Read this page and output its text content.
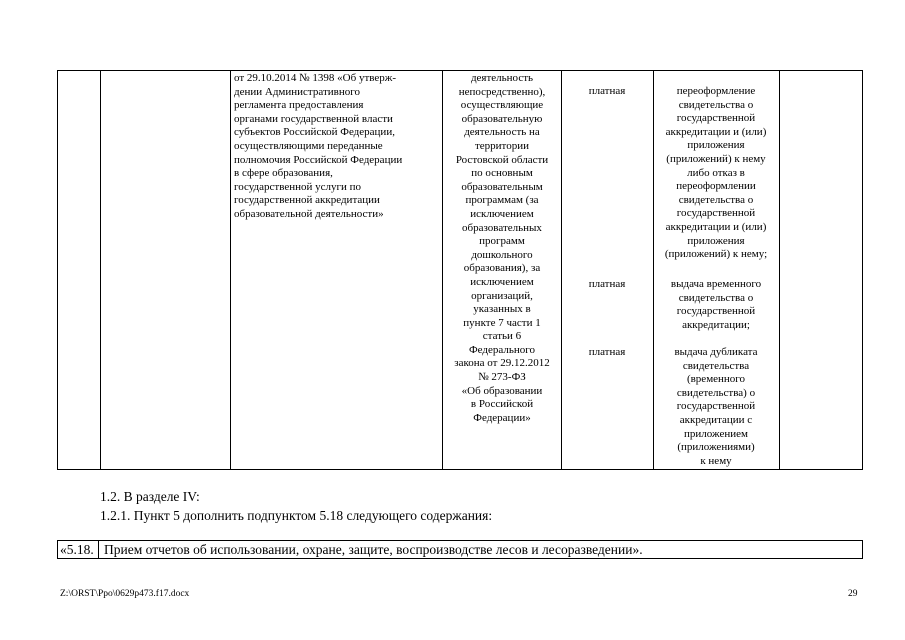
от 29.10.2014 № 1398 «Об утверж-
дении Административного
регламента предоставления
органами государственной власти
субъектов Российской Федерации,
осуществляющими переданные
полномочия Российской Федерации
в сфере образования,
государственной услуги по
государственной аккредитации
образовательной деятельности»
деятельность
непосредственно),
осуществляющие
образовательную
деятельность на
территории
Ростовской области
по основным
образовательным
программам (за
исключением
образовательных
программ
дошкольного
образования), за
исключением
организаций,
указанных в
пункте 7 части 1
статьи 6
Федерального
закона от 29.12.2012
№ 273-ФЗ
«Об образовании
в Российской
Федерации»
платная
платная
платная
переоформление
свидетельства о
государственной
аккредитации и (или)
приложения
(приложений) к нему
либо отказ в
переоформлении
свидетельства о
государственной
аккредитации и (или)
приложения
(приложений) к нему;
выдача временного
свидетельства о
государственной
аккредитации;
выдача дубликата
свидетельства
(временного
свидетельства) о
государственной
аккредитации с
приложением
(приложениями)
к нему
1.2. В разделе IV:
1.2.1. Пункт 5 дополнить подпунктом 5.18 следующего содержания:
«5.18. Прием отчетов об использовании, охране, защите, воспроизводстве лесов и лесоразведении».
Z:\ORST\Ppo\0629p473.f17.docx	29
